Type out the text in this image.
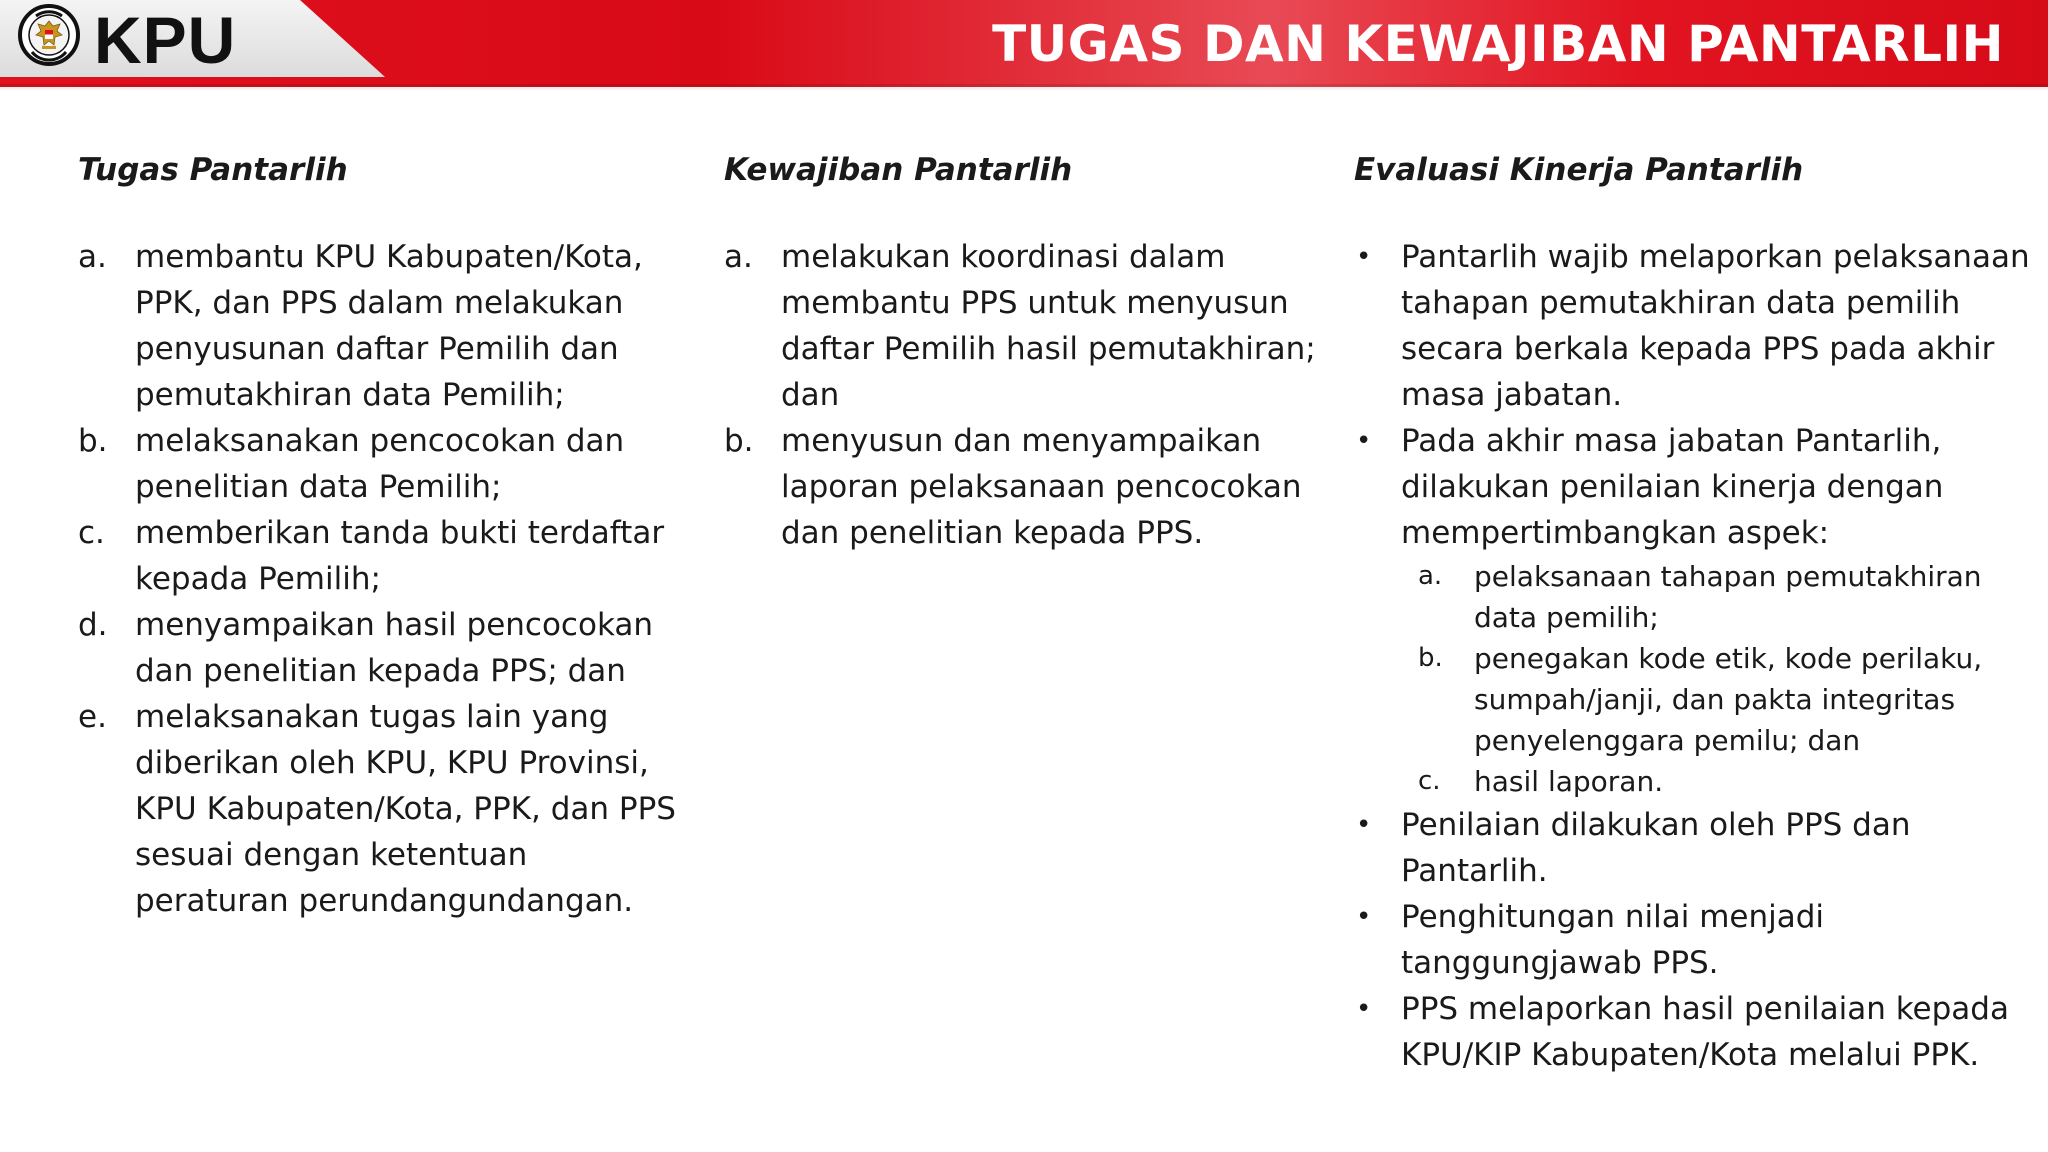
KPU	TUGAS DAN KEWAJIBAN PANTARLIH
Tugas Pantarlih
a. membantu KPU Kabupaten/Kota, PPK, dan PPS dalam melakukan penyusunan daftar Pemilih dan pemutakhiran data Pemilih;
b. melaksanakan pencocokan dan penelitian data Pemilih;
c. memberikan tanda bukti terdaftar kepada Pemilih;
d. menyampaikan hasil pencocokan dan penelitian kepada PPS; dan
e. melaksanakan tugas lain yang diberikan oleh KPU, KPU Provinsi, KPU Kabupaten/Kota, PPK, dan PPS sesuai dengan ketentuan peraturan perundangundangan.
Kewajiban Pantarlih
a. melakukan koordinasi dalam membantu PPS untuk menyusun daftar Pemilih hasil pemutakhiran; dan
b. menyusun dan menyampaikan laporan pelaksanaan pencocokan dan penelitian kepada PPS.
Evaluasi Kinerja Pantarlih
• Pantarlih wajib melaporkan pelaksanaan tahapan pemutakhiran data pemilih secara berkala kepada PPS pada akhir masa jabatan.
• Pada akhir masa jabatan Pantarlih, dilakukan penilaian kinerja dengan mempertimbangkan aspek:
a. pelaksanaan tahapan pemutakhiran data pemilih;
b. penegakan kode etik, kode perilaku, sumpah/janji, dan pakta integritas penyelenggara pemilu; dan
c. hasil laporan.
• Penilaian dilakukan oleh PPS dan Pantarlih.
• Penghitungan nilai menjadi tanggungjawab PPS.
• PPS melaporkan hasil penilaian kepada KPU/KIP Kabupaten/Kota melalui PPK.
